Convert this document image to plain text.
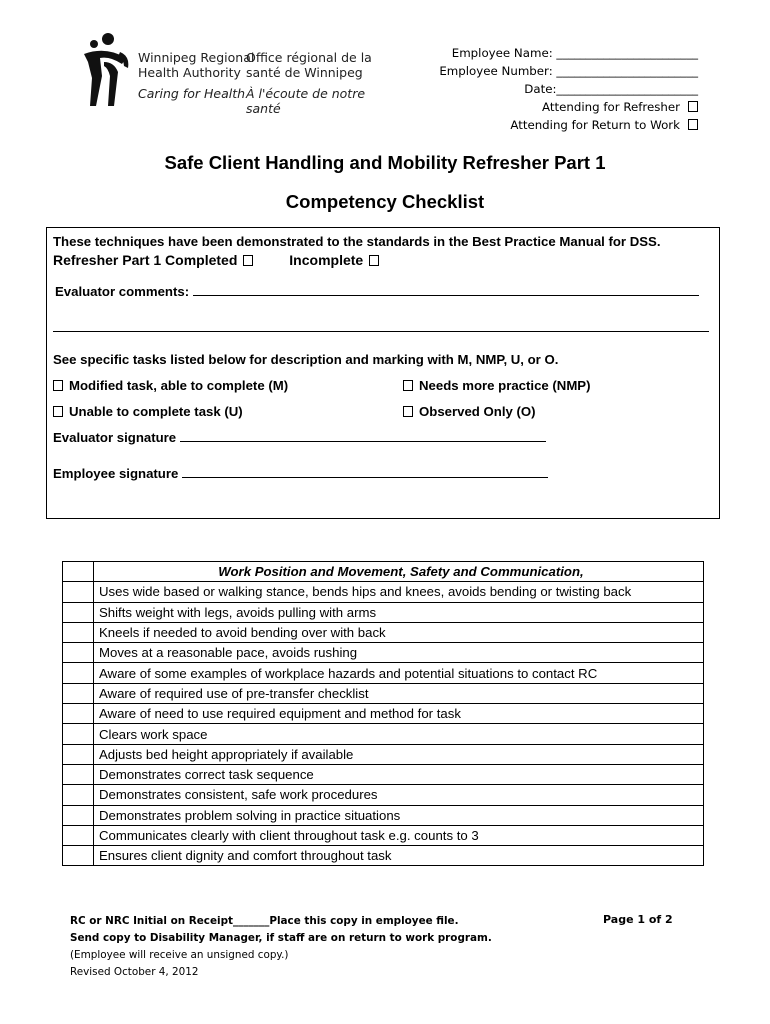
Winnipeg Regional
Health Authority
Caring for Health
Office régional de la
santé de Winnipeg
À l'écoute de notre santé
Employee Name: ________________________
Employee Number: ________________________
Date:________________________
Attending for Refresher
Attending for Return to Work
Safe Client Handling and Mobility Refresher Part 1
Competency Checklist
These techniques have been demonstrated to the standards in the Best Practice Manual for DSS.
Refresher Part 1 Completed	Incomplete
Evaluator comments:
See specific tasks listed below for description and marking with M, NMP, U, or O.
Modified task, able to complete (M)	Needs more practice (NMP)
Unable to complete task (U)	Observed Only (O)
Evaluator signature
Employee signature
	Work Position and Movement, Safety and Communication,
	Uses wide based or walking stance, bends hips and knees, avoids bending or twisting back
	Shifts weight with legs, avoids pulling with arms
	Kneels if needed to avoid bending over with back
	Moves at a reasonable pace, avoids rushing
	Aware of some examples of workplace hazards and potential situations to contact RC
	Aware of required use of pre-transfer checklist
	Aware of need to use required equipment and method for task
	Clears work space
	Adjusts bed height appropriately if available
	Demonstrates correct task sequence
	Demonstrates consistent, safe work procedures
	Demonstrates problem solving in practice situations
	Communicates clearly with client throughout task e.g. counts to 3
	Ensures client dignity and comfort throughout task
RC or NRC Initial on Receipt_______Place this copy in employee file.
Send copy to Disability Manager, if staff are on return to work program.
(Employee will receive an unsigned copy.)
Revised October 4, 2012
Page 1 of 2
